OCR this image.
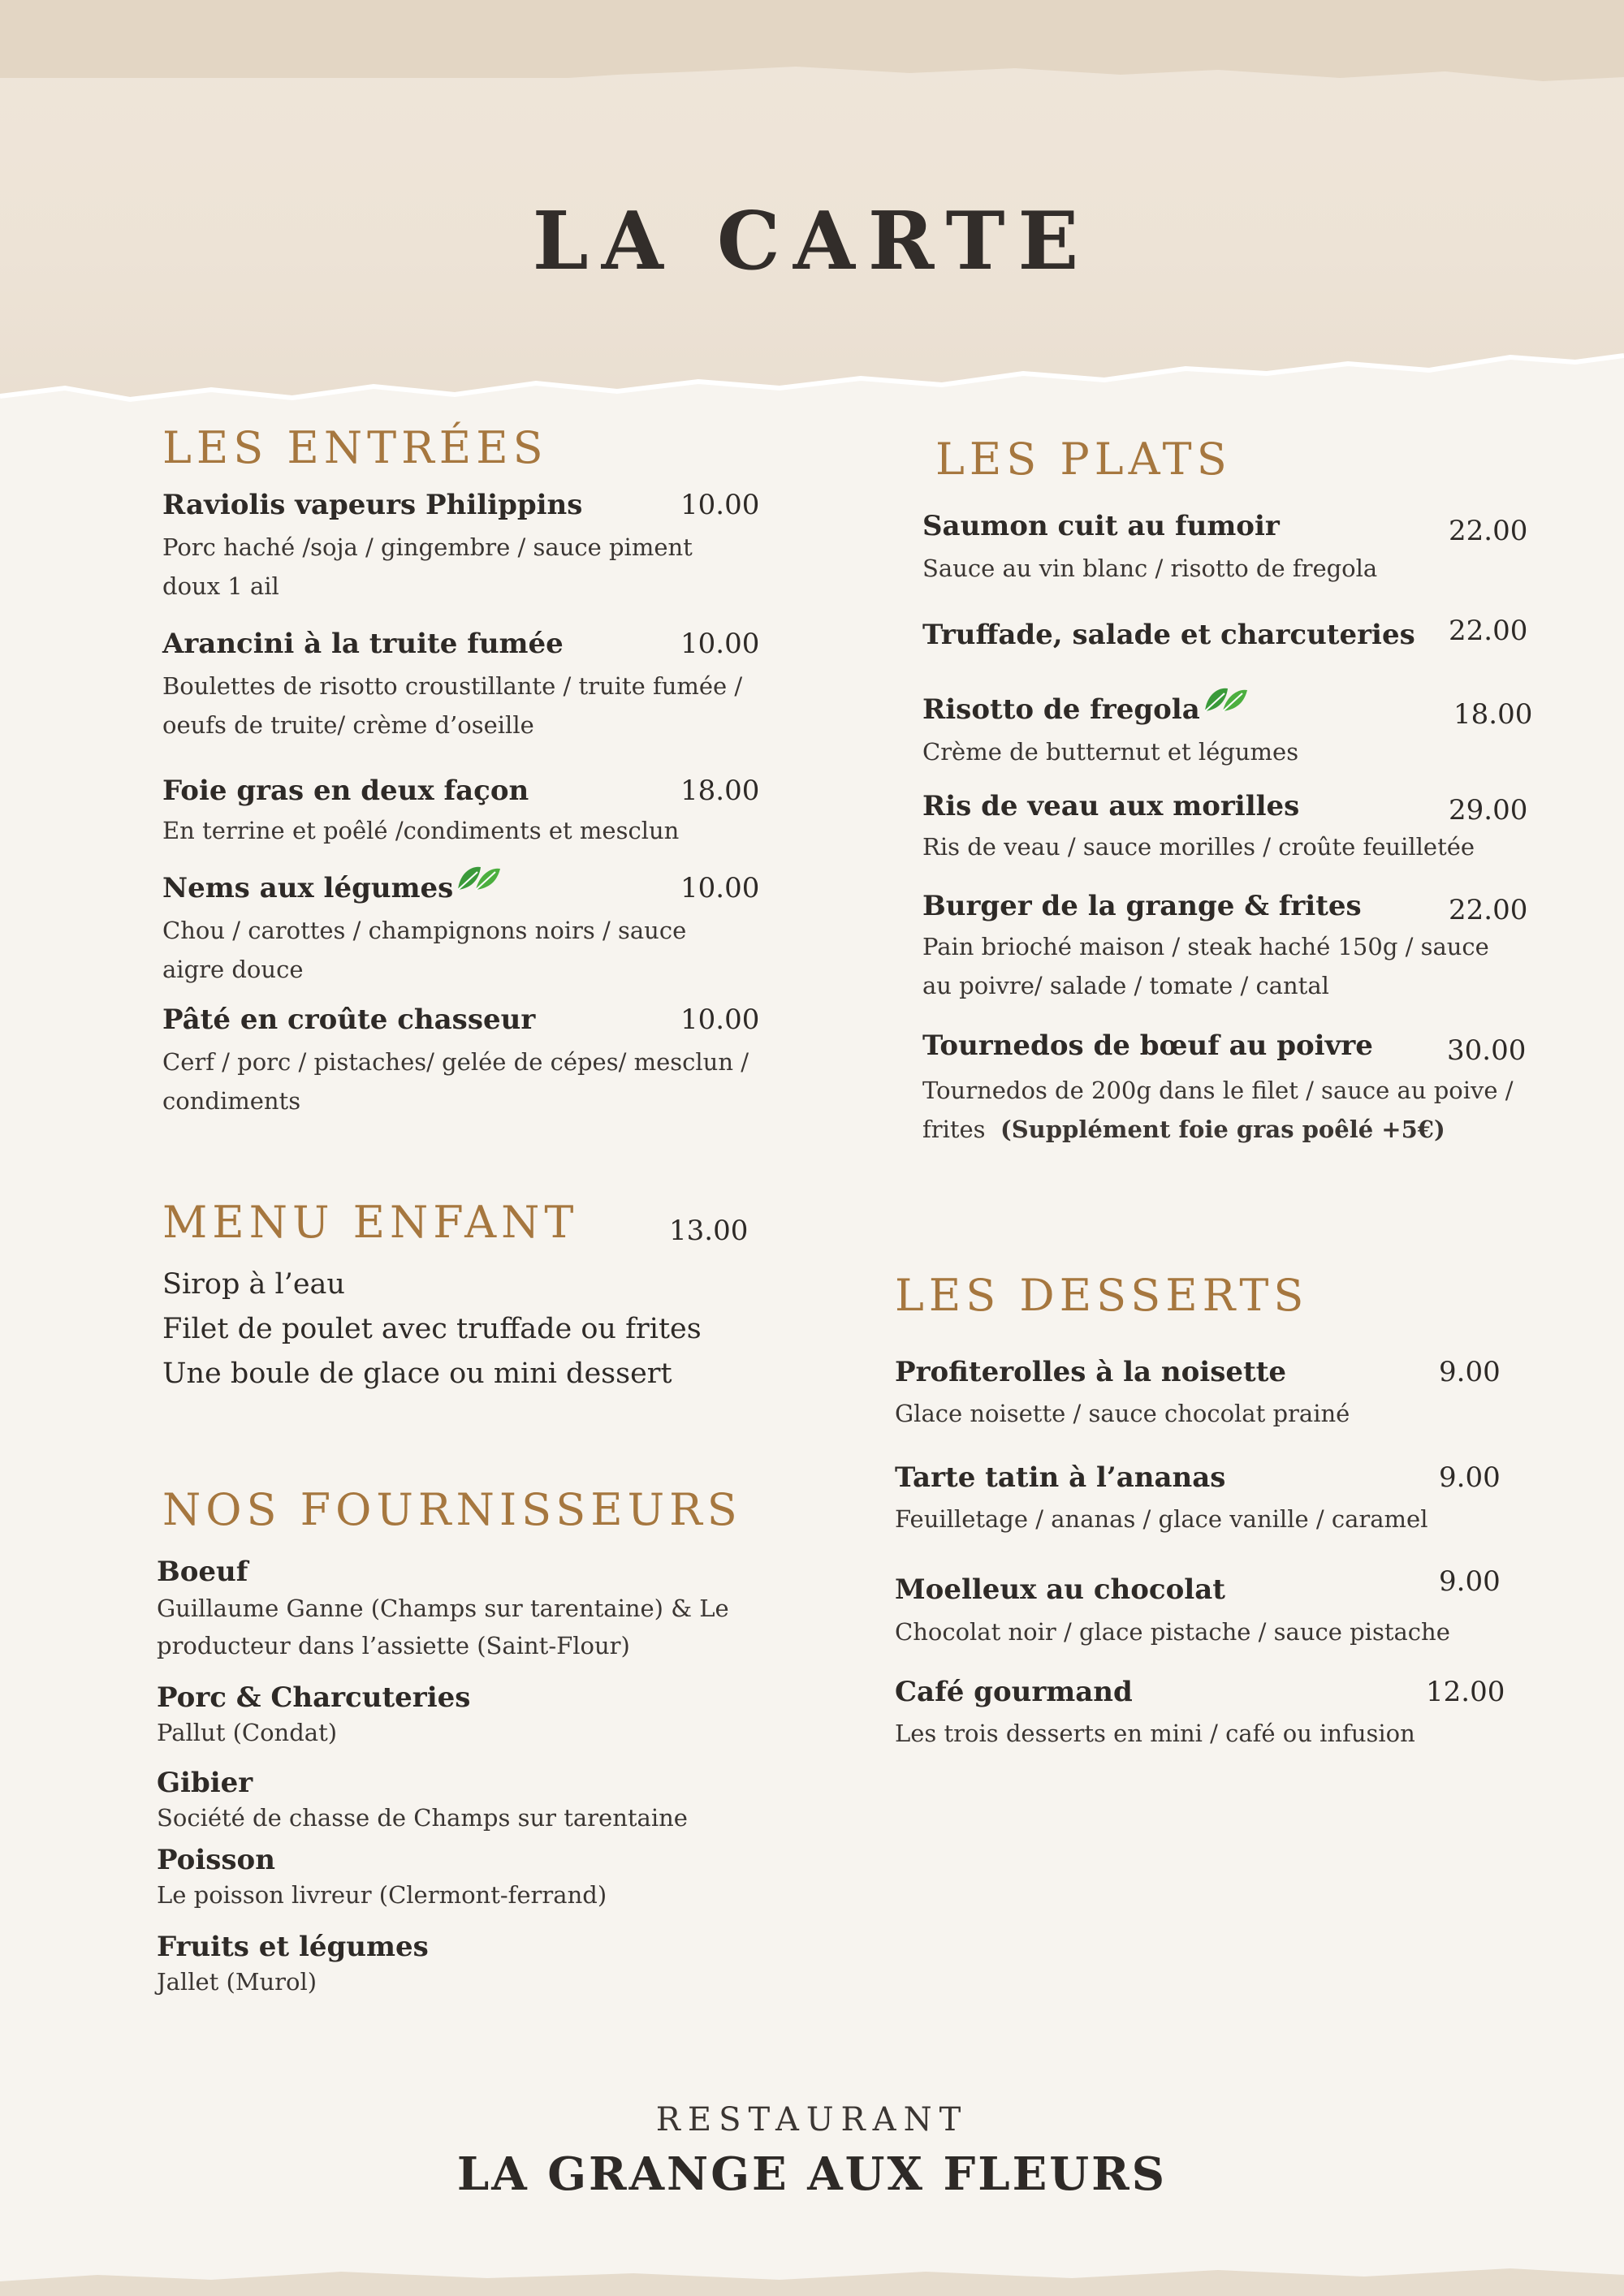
LA CARTE
LES ENTRÉES
Raviolis vapeurs Philippins	10.00
Porc haché /soja / gingembre / sauce piment doux 1 ail
Arancini à la truite fumée	10.00
Boulettes de risotto croustillante / truite fumée / oeufs de truite/ crème d’oseille
Foie gras en deux façon	18.00
En terrine et poêlé /condiments et mesclun
Nems aux légumes	10.00
Chou / carottes / champignons noirs / sauce aigre douce
Pâté en croûte chasseur	10.00
Cerf / porc / pistaches/ gelée de cépes/ mesclun / condiments
MENU ENFANT	13.00
Sirop à l’eau
Filet de poulet avec truffade ou frites
Une boule de glace ou mini dessert
NOS FOURNISSEURS
Boeuf
Guillaume Ganne (Champs sur tarentaine) & Le producteur dans l’assiette (Saint-Flour)
Porc & Charcuteries
Pallut (Condat)
Gibier
Société de chasse de Champs sur tarentaine
Poisson
Le poisson livreur (Clermont-ferrand)
Fruits et légumes
Jallet (Murol)
LES PLATS
Saumon cuit au fumoir	22.00
Sauce au vin blanc / risotto de fregola
Truffade, salade et charcuteries 22.00
Risotto de fregola	18.00
Crème de butternut et légumes
Ris de veau aux morilles	29.00
Ris de veau / sauce morilles / croûte feuilletée
Burger de la grange & frites	22.00
Pain brioché maison / steak haché 150g / sauce au poivre/ salade / tomate / cantal
Tournedos de bœuf au poivre	30.00
Tournedos de 200g dans le filet / sauce au poive / frites (Supplément foie gras poêlé +5€)
LES DESSERTS
Profiterolles à la noisette	9.00
Glace noisette / sauce chocolat prainé
Tarte tatin à l’ananas	9.00
Feuilletage / ananas / glace vanille / caramel
Moelleux au chocolat	9.00
Chocolat noir / glace pistache / sauce pistache
Café gourmand	12.00
Les trois desserts en mini / café ou infusion
RESTAURANT
LA GRANGE AUX FLEURS
